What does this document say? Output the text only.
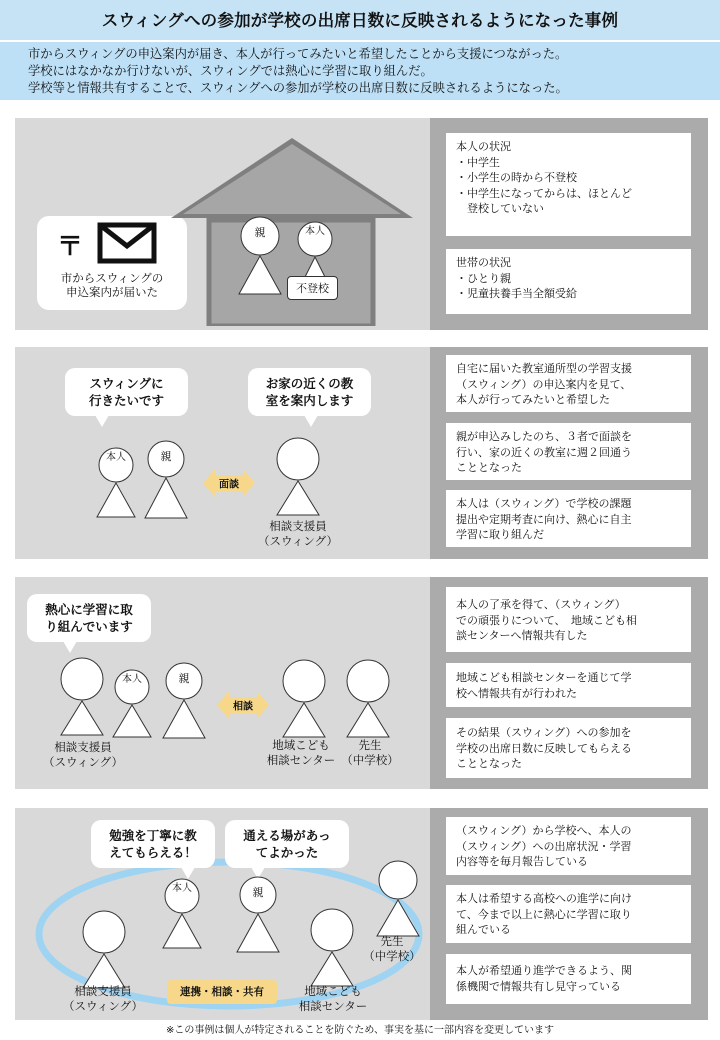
スウィングへの参加が学校の出席日数に反映されるようになった事例

市からスウィングの申込案内が届き、本人が行ってみたいと希望したことから支援につながった。

学校にはなかなか行けないが、スウィングでは熱心に学習に取り組んだ。

学校等と情報共有することで、スウィングへの参加が学校の出席日数に反映されるようになった。

〒
市からスウィングの
申込案内が届いた
親	本人
不登校
本人の状況
・中学生
・小学生の時から不登校
・中学生になってからは、ほとんど
　登校していない
世帯の状況
・ひとり親
・児童扶養手当全額受給
スウィングに
行きたいです
お家の近くの教
室を案内します
本人	親
面談
相談支援員
（スウィング）
自宅に届いた教室通所型の学習支援
（スウィング）の申込案内を見て、
本人が行ってみたいと希望した
親が申込みしたのち、３者で面談を
行い、家の近くの教室に週２回通う
こととなった
本人は（スウィング）で学校の課題
提出や定期考査に向け、熱心に自主
学習に取り組んだ
熱心に学習に取
り組んでいます
本人	親
相談支援員
（スウィング）
相談
地域こども
相談センター
先生
（中学校）
本人の了承を得て、（スウィング）
での頑張りについて、　地域こども相
談センターへ情報共有した
地域こども相談センターを通じて学
校へ情報共有が行われた
その結果（スウィング）への参加を
学校の出席日数に反映してもらえる
こととなった
勉強を丁寧に教
えてもらえる！
通える場があっ
てよかった
本人	親
先生
（中学校）
相談支援員
（スウィング）
地域こども
相談センター
連携・相談・共有
（スウィング）から学校へ、本人の
（スウィング）への出席状況・学習
内容等を毎月報告している
本人は希望する高校への進学に向け
て、今まで以上に熱心に学習に取り
組んでいる
本人が希望通り進学できるよう、関
係機関で情報共有し見守っている
※この事例は個人が特定されることを防ぐため、事実を基に一部内容を変更しています
